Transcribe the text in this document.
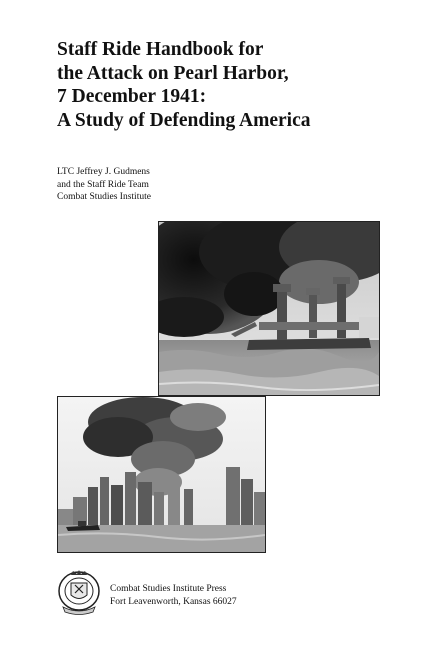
Staff Ride Handbook for
the Attack on Pearl Harbor,
7 December 1941:
A Study of Defending America
LTC Jeffrey J. Gudmens
and the Staff Ride Team
Combat Studies Institute
Combat Studies Institute Press
Fort Leavenworth, Kansas 66027
